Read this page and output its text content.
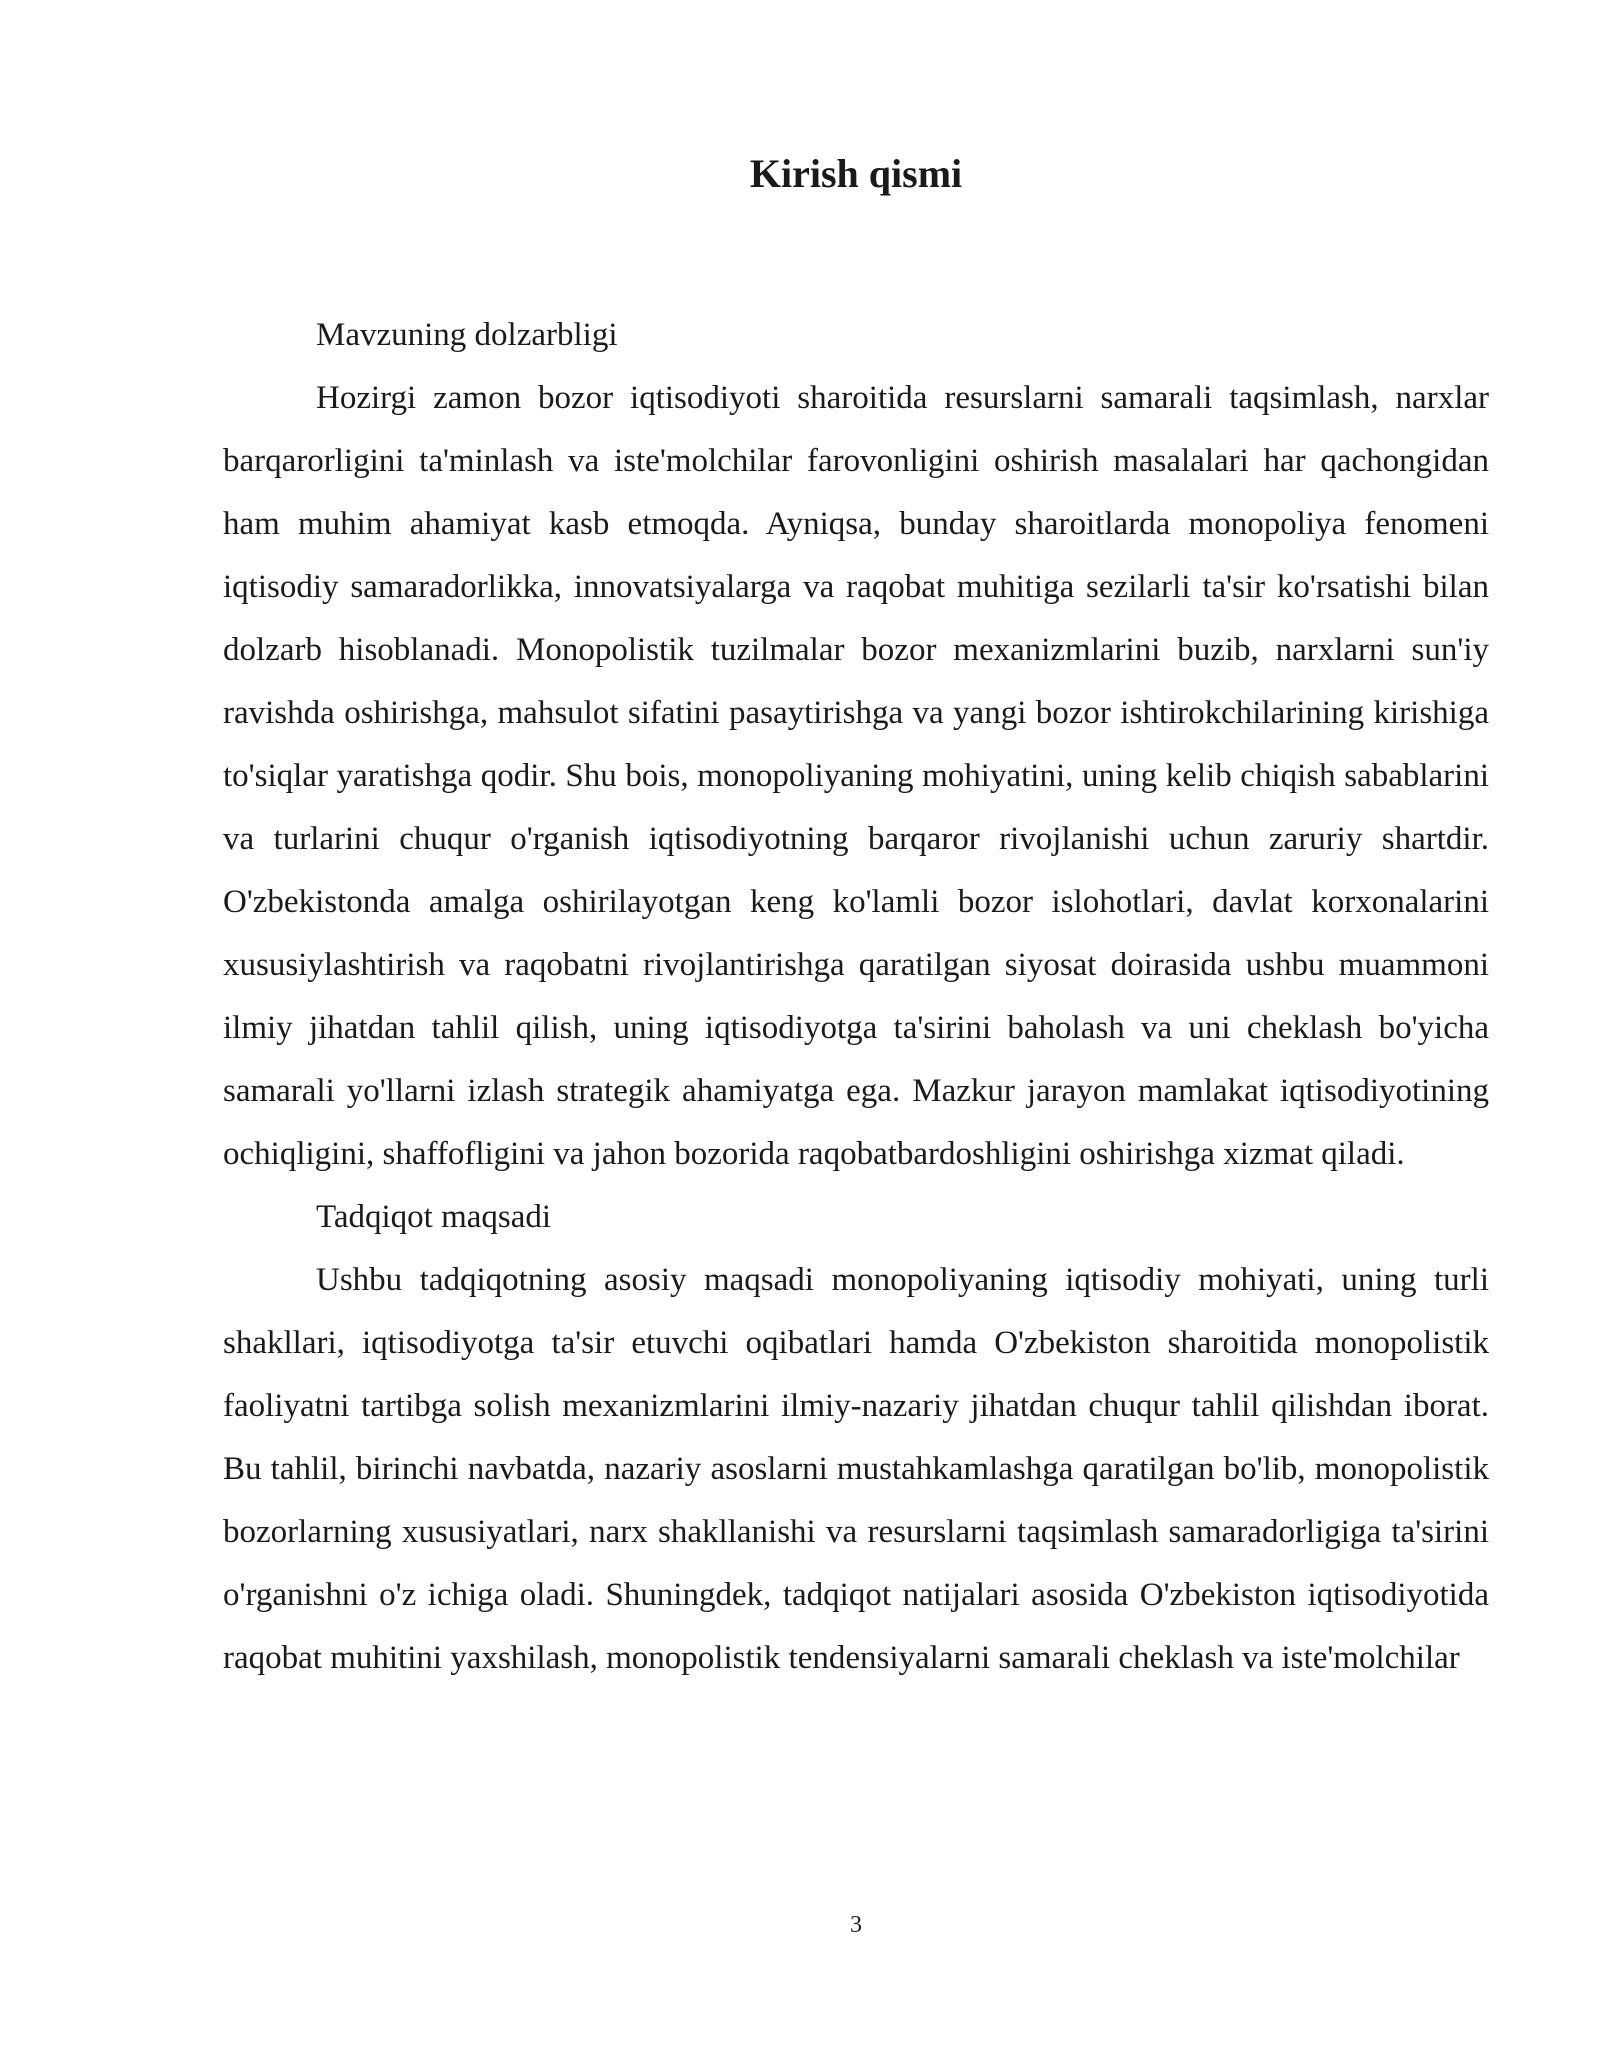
Kirish qismi

Mavzuning dolzarbligi

Hozirgi zamon bozor iqtisodiyoti sharoitida resurslarni samarali taqsimlash, narxlar barqarorligini ta'minlash va iste'molchilar farovonligini oshirish masalalari har qachongidan ham muhim ahamiyat kasb etmoqda. Ayniqsa, bunday sharoitlarda monopoliya fenomeni iqtisodiy samaradorlikka, innovatsiyalarga va raqobat muhitiga sezilarli ta'sir ko'rsatishi bilan dolzarb hisoblanadi. Monopolistik tuzilmalar bozor mexanizmlarini buzib, narxlarni sun'iy ravishda oshirishga, mahsulot sifatini pasaytirishga va yangi bozor ishtirokchilarining kirishiga to'siqlar yaratishga qodir. Shu bois, monopoliyaning mohiyatini, uning kelib chiqish sabablarini va turlarini chuqur o'rganish iqtisodiyotning barqaror rivojlanishi uchun zaruriy shartdir. O'zbekistonda amalga oshirilayotgan keng ko'lamli bozor islohotlari, davlat korxonalarini xususiylashtirish va raqobatni rivojlantirishga qaratilgan siyosat doirasida ushbu muammoni ilmiy jihatdan tahlil qilish, uning iqtisodiyotga ta'sirini baholash va uni cheklash bo'yicha samarali yo'llarni izlash strategik ahamiyatga ega. Mazkur jarayon mamlakat iqtisodiyotining ochiqligini, shaffofligini va jahon bozorida raqobatbardoshligini oshirishga xizmat qiladi.

Tadqiqot maqsadi

Ushbu tadqiqotning asosiy maqsadi monopoliyaning iqtisodiy mohiyati, uning turli shakllari, iqtisodiyotga ta'sir etuvchi oqibatlari hamda O'zbekiston sharoitida monopolistik faoliyatni tartibga solish mexanizmlarini ilmiy-nazariy jihatdan chuqur tahlil qilishdan iborat. Bu tahlil, birinchi navbatda, nazariy asoslarni mustahkamlashga qaratilgan bo'lib, monopolistik bozorlarning xususiyatlari, narx shakllanishi va resurslarni taqsimlash samaradorligiga ta'sirini o'rganishni o'z ichiga oladi. Shuningdek, tadqiqot natijalari asosida O'zbekiston iqtisodiyotida raqobat muhitini yaxshilash, monopolistik tendensiyalarni samarali cheklash va iste'molchilar

3
